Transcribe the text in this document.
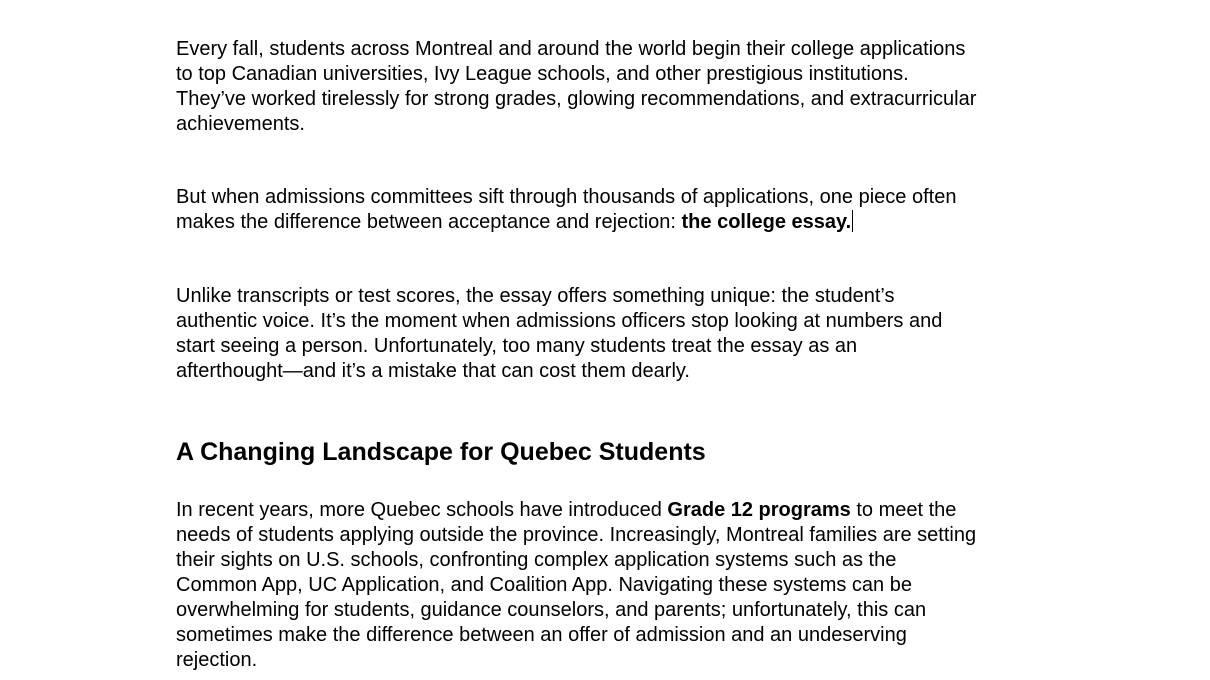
Every fall, students across Montreal and around the world begin their college applications
to top Canadian universities, Ivy League schools, and other prestigious institutions.
They’ve worked tirelessly for strong grades, glowing recommendations, and extracurricular
achievements.

But when admissions committees sift through thousands of applications, one piece often
makes the difference between acceptance and rejection: the college essay.

Unlike transcripts or test scores, the essay offers something unique: the student’s
authentic voice. It’s the moment when admissions officers stop looking at numbers and
start seeing a person. Unfortunately, too many students treat the essay as an
afterthought—and it’s a mistake that can cost them dearly.

A Changing Landscape for Quebec Students

In recent years, more Quebec schools have introduced Grade 12 programs to meet the
needs of students applying outside the province. Increasingly, Montreal families are setting
their sights on U.S. schools, confronting complex application systems such as the
Common App, UC Application, and Coalition App. Navigating these systems can be
overwhelming for students, guidance counselors, and parents; unfortunately, this can
sometimes make the difference between an offer of admission and an undeserving
rejection.
